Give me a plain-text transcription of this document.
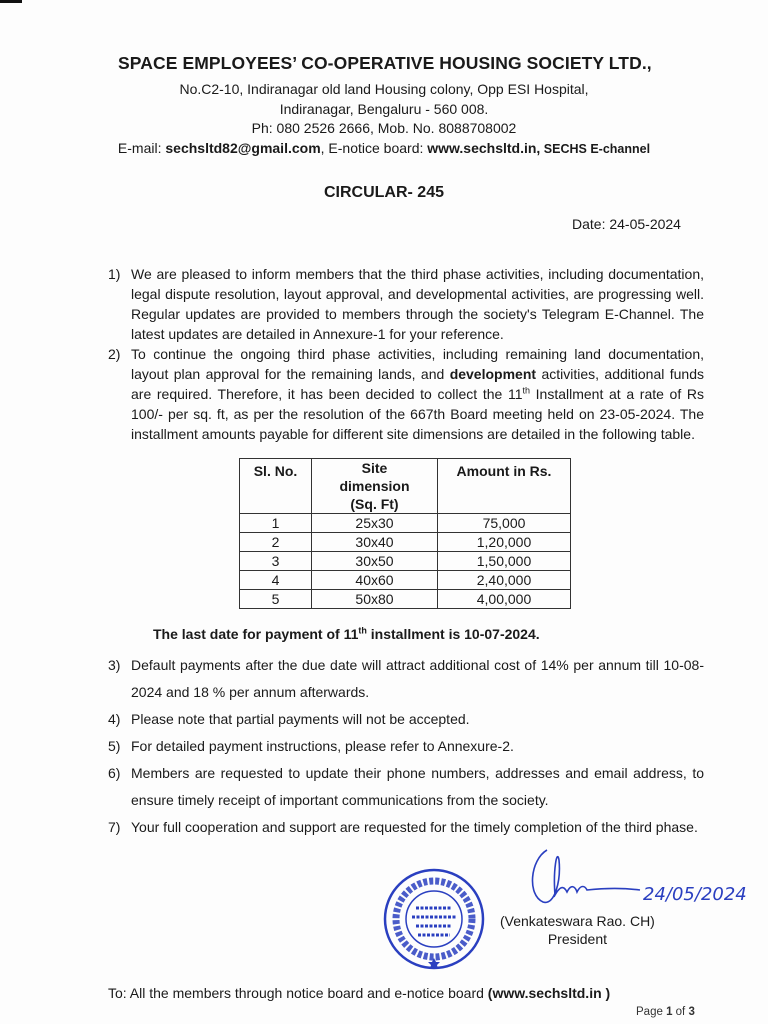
SPACE EMPLOYEES’ CO-OPERATIVE HOUSING SOCIETY LTD.,
No.C2-10, Indiranagar old land Housing colony, Opp ESI Hospital,
Indiranagar, Bengaluru - 560 008.
Ph: 080 2526 2666, Mob. No. 8088708002
E-mail: sechsltd82@gmail.com, E-notice board: www.sechsltd.in, SECHS E-channel
CIRCULAR- 245
Date: 24-05-2024
1) We are pleased to inform members that the third phase activities, including documentation, legal dispute resolution, layout approval, and developmental activities, are progressing well. Regular updates are provided to members through the society's Telegram E-Channel. The latest updates are detailed in Annexure-1 for your reference.
2) To continue the ongoing third phase activities, including remaining land documentation, layout plan approval for the remaining lands, and development activities, additional funds are required. Therefore, it has been decided to collect the 11th Installment at a rate of Rs 100/- per sq. ft, as per the resolution of the 667th Board meeting held on 23-05-2024. The installment amounts payable for different site dimensions are detailed in the following table.
Sl. No.	Site dimension (Sq. Ft)	Amount in Rs.
1	25x30	75,000
2	30x40	1,20,000
3	30x50	1,50,000
4	40x60	2,40,000
5	50x80	4,00,000
The last date for payment of 11th installment is 10-07-2024.
3) Default payments after the due date will attract additional cost of 14% per annum till 10-08-2024 and 18 % per annum afterwards.
4) Please note that partial payments will not be accepted.
5) For detailed payment instructions, please refer to Annexure-2.
6) Members are requested to update their phone numbers, addresses and email address, to ensure timely receipt of important communications from the society.
7) Your full cooperation and support are requested for the timely completion of the third phase.
24/05/2024
(Venkateswara Rao. CH)
President
To: All the members through notice board and e-notice board (www.sechsltd.in )
Page 1 of 3
